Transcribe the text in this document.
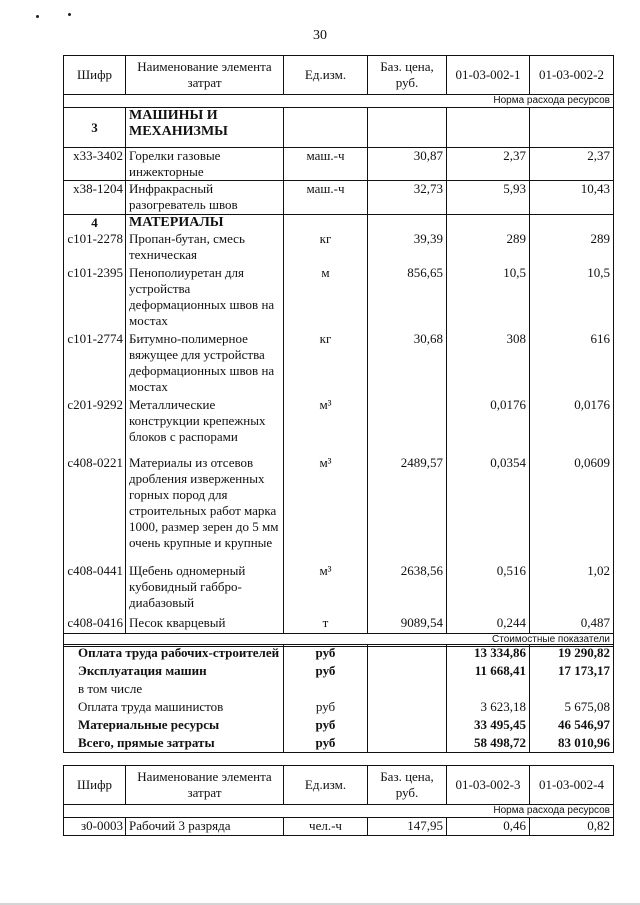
30
Шифр	Наименование элемента затрат	Ед.изм.	Баз. цена, руб.	01-03-002-1	01-03-002-2
Норма расхода ресурсов					
3	МАШИНЫ И МЕХАНИЗМЫ				
х33-3402	Горелки газовые инжекторные	маш.-ч	30,87	2,37	2,37
х38-1204	Инфракрасный разогреватель швов	маш.-ч	32,73	5,93	10,43
4	МАТЕРИАЛЫ				
с101-2278	Пропан-бутан, смесь техническая	кг	39,39	289	289
с101-2395	Пенополиуретан для устройства деформационных швов на мостах	м	856,65	10,5	10,5
с101-2774	Битумно-полимерное вяжущее для устройства деформационных швов на мостах	кг	30,68	308	616
с201-9292	Металлические конструкции крепежных блоков с распорами	м³		0,0176	0,0176
с408-0221	Материалы из отсевов дробления изверженных горных пород для строительных работ марка 1000, размер зерен до 5 мм очень крупные и крупные	м³	2489,57	0,0354	0,0609
с408-0441	Щебень одномерный кубовидный габбро-диабазовый	м³	2638,56	0,516	1,02
с408-0416	Песок кварцевый	т	9089,54	0,244	0,487
Стоимостные показатели					
Оплата труда рабочих-строителей	руб		13 334,86	19 290,82
Эксплуатация машин	руб		11 668,41	17 173,17
в том числе				
Оплата труда машинистов	руб		3 623,18	5 675,08
Материальные ресурсы	руб		33 495,45	46 546,97
Всего, прямые затраты	руб		58 498,72	83 010,96
Шифр	Наименование элемента затрат	Ед.изм.	Баз. цена, руб.	01-03-002-3	01-03-002-4
Норма расхода ресурсов					
з0-0003	Рабочий 3 разряда	чел.-ч	147,95	0,46	0,82
